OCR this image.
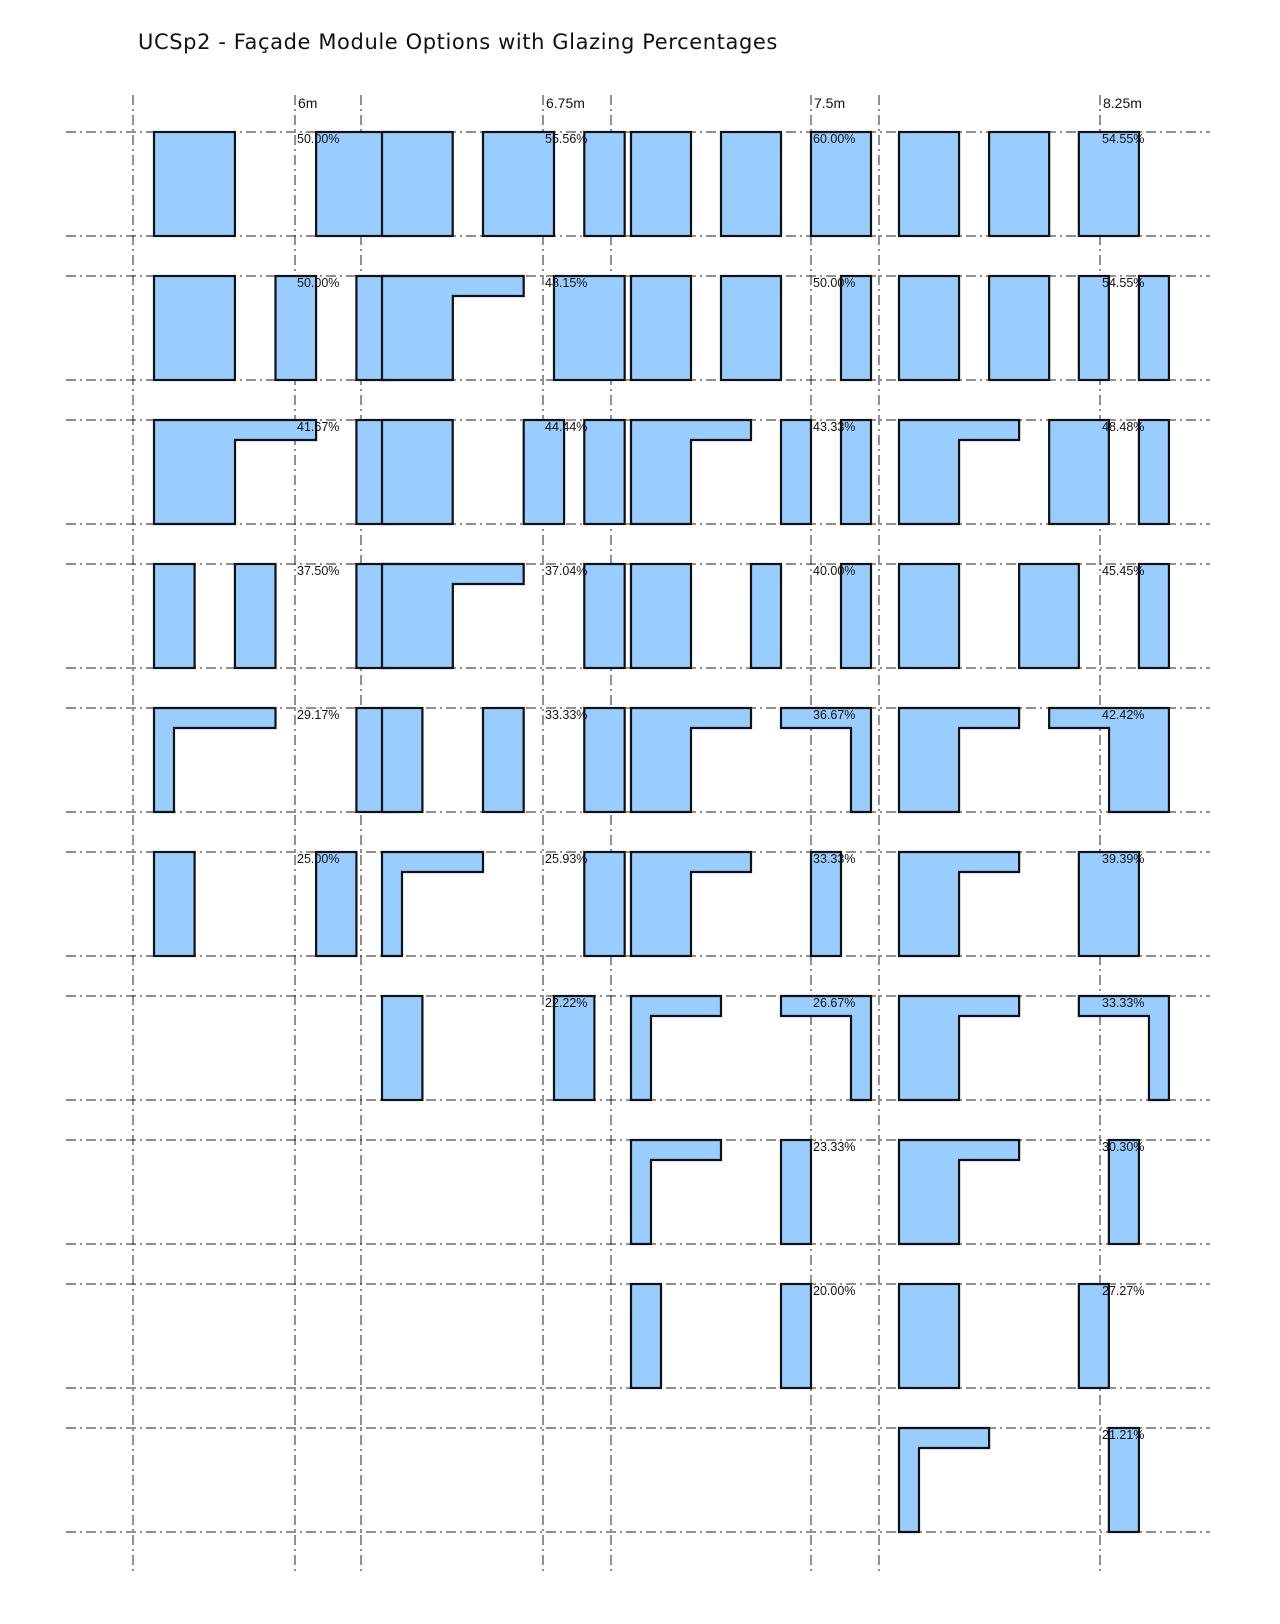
UCSp2 - Façade Module Options with Glazing Percentages
6m
50.00%
50.00%
41.67%
37.50%
29.17%
25.00%
6.75m
55.56%
48.15%
44.44%
37.04%
33.33%
25.93%
22.22%
7.5m
60.00%
50.00%
43.33%
40.00%
36.67%
33.33%
26.67%
23.33%
20.00%
8.25m
54.55%
54.55%
48.48%
45.45%
42.42%
39.39%
33.33%
30.30%
27.27%
21.21%
